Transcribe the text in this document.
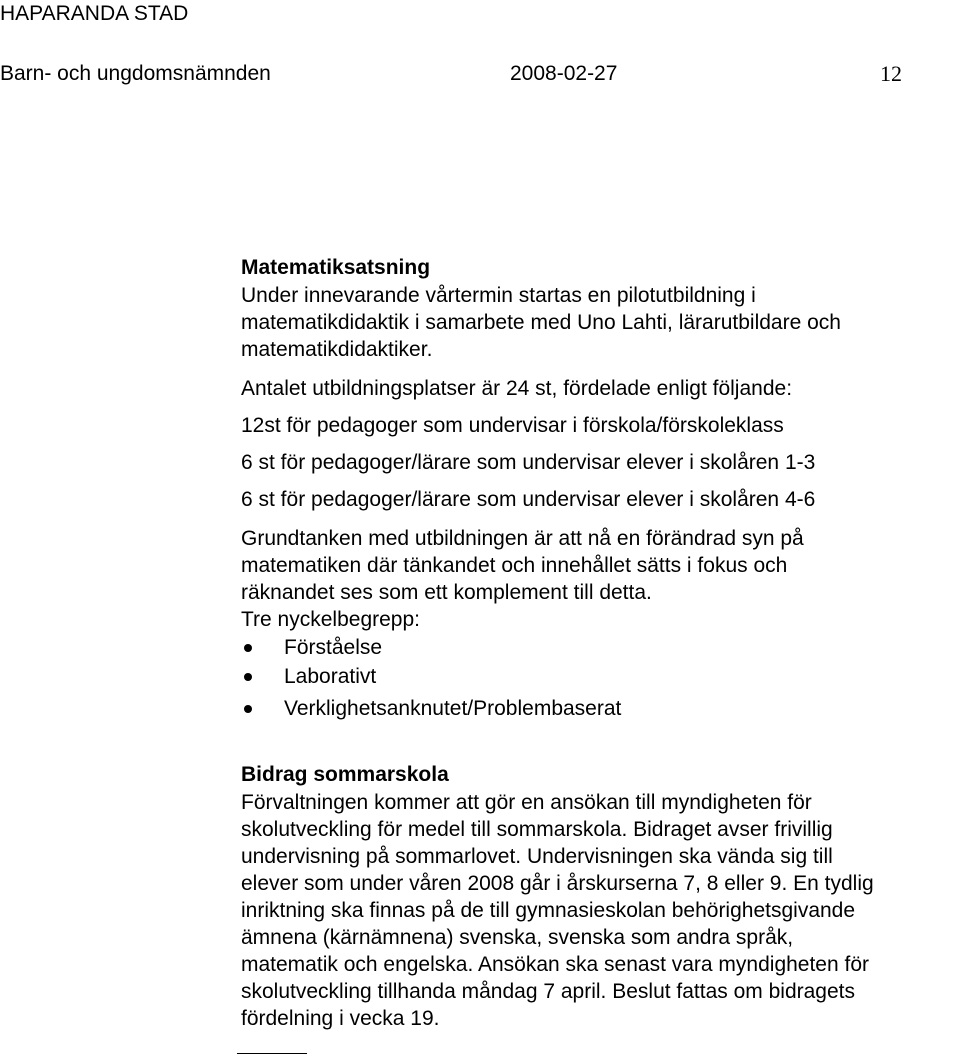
HAPARANDA STAD
Barn- och ungdomsnämnden	2008-02-27	12
Matematiksatsning
Under innevarande vårtermin startas en pilotutbildning i
matematikdidaktik i samarbete med Uno Lahti, lärarutbildare och
matematikdidaktiker.
Antalet utbildningsplatser är 24 st, fördelade enligt följande:
12st för pedagoger som undervisar i förskola/förskoleklass
6 st för pedagoger/lärare som undervisar elever i skolåren 1-3
6 st för pedagoger/lärare som undervisar elever i skolåren 4-6
Grundtanken med utbildningen är att nå en förändrad syn på
matematiken där tänkandet och innehållet sätts i fokus och
räknandet ses som ett komplement till detta.
Tre nyckelbegrepp:
Förståelse
Laborativt
Verklighetsanknutet/Problembaserat
Bidrag sommarskola
Förvaltningen kommer att gör en ansökan till myndigheten för
skolutveckling för medel till sommarskola. Bidraget avser frivillig
undervisning på sommarlovet. Undervisningen ska vända sig till
elever som under våren 2008 går i årskurserna 7, 8 eller 9. En tydlig
inriktning ska finnas på de till gymnasieskolan behörighetsgivande
ämnena (kärnämnena) svenska, svenska som andra språk,
matematik och engelska. Ansökan ska senast vara myndigheten för
skolutveckling tillhanda måndag 7 april. Beslut fattas om bidragets
fördelning i vecka 19.
